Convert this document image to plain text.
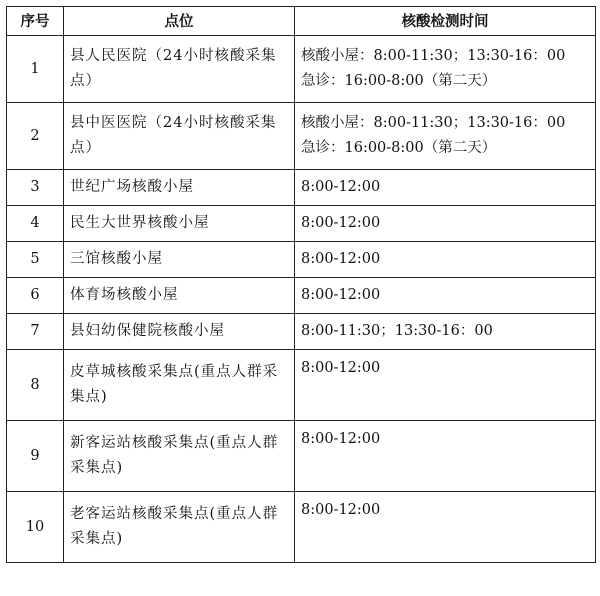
序号	点位	核酸检测时间
1	县人民医院（24小时核酸采集点）	核酸小屋：8:00-11:30；13:30-16：00
急诊：16:00-8:00（第二天）

2	县中医医院（24小时核酸采集点）	核酸小屋：8:00-11:30；13:30-16：00
急诊：16:00-8:00（第二天）

3	世纪广场核酸小屋	8:00-12:00
4	民生大世界核酸小屋	8:00-12:00
5	三馆核酸小屋	8:00-12:00
6	体育场核酸小屋	8:00-12:00
7	县妇幼保健院核酸小屋	8:00-11:30；13:30-16：00
8	皮草城核酸采集点(重点人群采集点)	8:00-12:00
9	新客运站核酸采集点(重点人群采集点)	8:00-12:00
10	老客运站核酸采集点(重点人群采集点)	8:00-12:00
